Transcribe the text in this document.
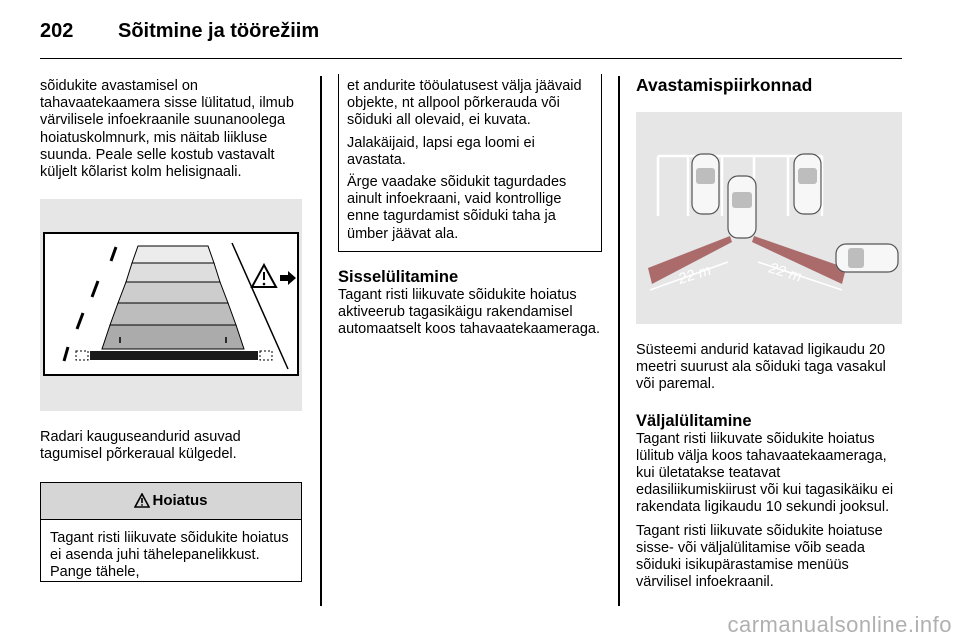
202 Sõitmine ja töörežiim

sõidukite avastamisel on tahavaatekaamera sisse lülitatud, ilmub värvilisele infoekraanile suunanoolega hoiatuskolmnurk, mis näitab liikluse suunda. Peale selle kostub vastavalt küljelt kõlarist kolm helisignaali.

Radari kauguseandurid asuvad tagumisel põrkeraual külgedel.

Hoiatus

Tagant risti liikuvate sõidukite hoiatus ei asenda juhi tähelepanelikkust. Pange tähele,

et andurite tööulatusest välja jäävaid objekte, nt allpool põrkerauda või sõiduki all olevaid, ei kuvata.

Jalakäijaid, lapsi ega loomi ei avastata.

Ärge vaadake sõidukit tagurdades ainult infoekraani, vaid kontrollige enne tagurdamist sõiduki taha ja ümber jäävat ala.

Sisselülitamine

Tagant risti liikuvate sõidukite hoiatus aktiveerub tagasikäigu rakendamisel automaatselt koos tahavaatekaameraga.

Avastamispiirkonnad

22 m	22 m

Süsteemi andurid katavad ligikaudu 20 meetri suurust ala sõiduki taga vasakul või paremal.

Väljalülitamine

Tagant risti liikuvate sõidukite hoiatus lülitub välja koos tahavaatekaameraga, kui ületatakse teatavat edasiliikumiskiirust või kui tagasikäiku ei rakendata ligikaudu 10 sekundi jooksul.

Tagant risti liikuvate sõidukite hoiatuse sisse- või väljalülitamise võib seada sõiduki isikupärastamise menüüs värvilisel infoekraanil.

carmanualsonline.info
